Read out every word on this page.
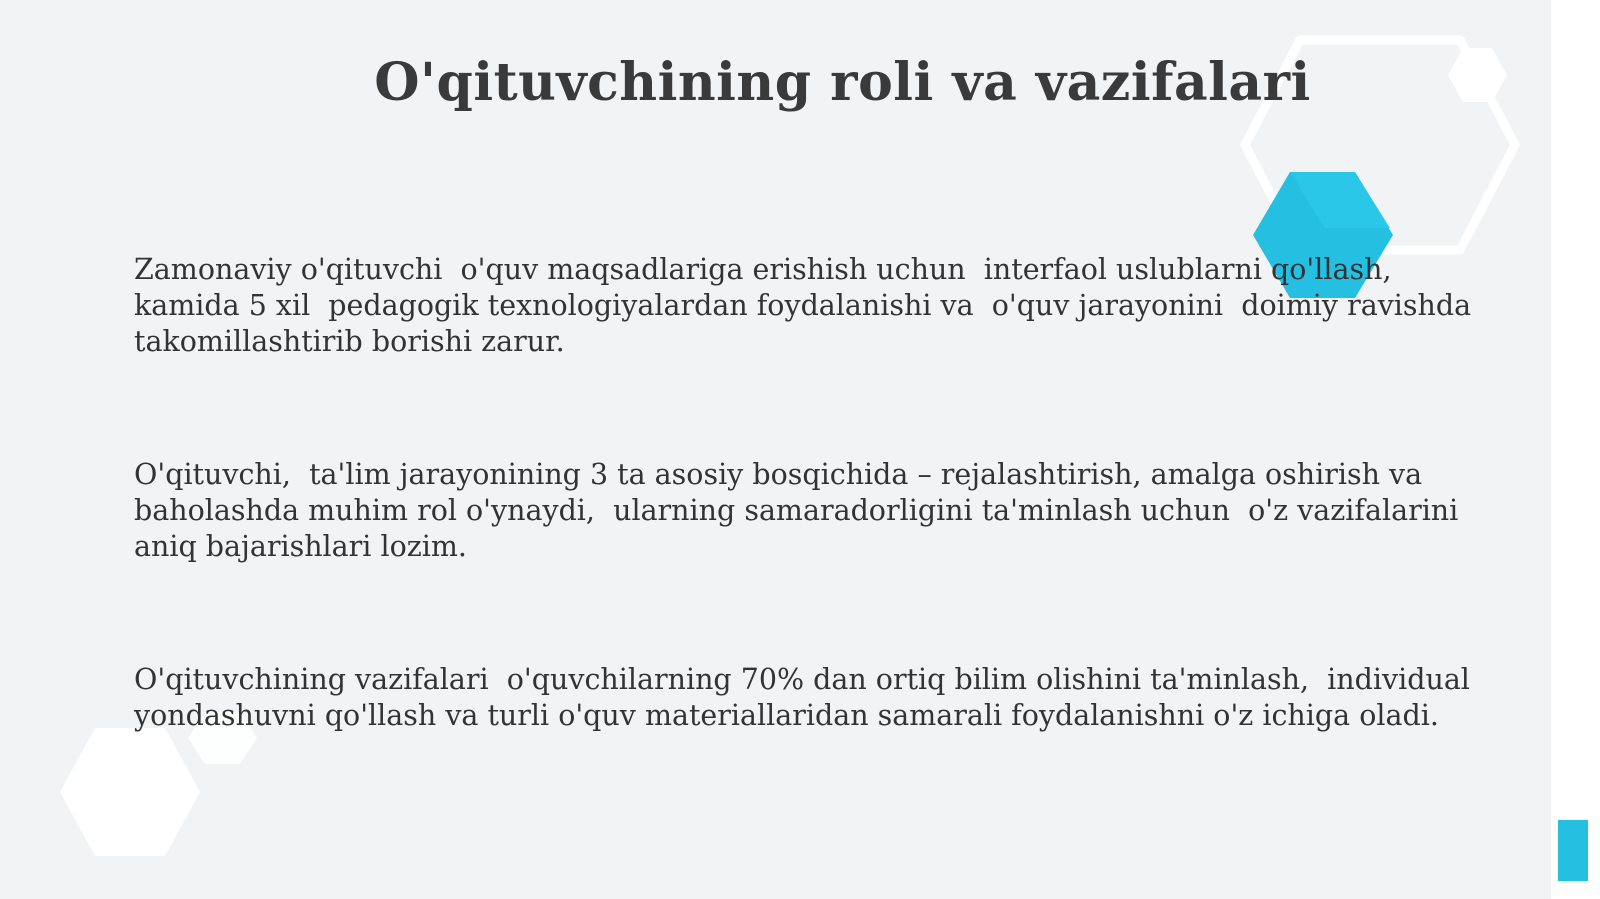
O'qituvchining roli va vazifalari

Zamonaviy o'qituvchi  o'quv maqsadlariga erishish uchun  interfaol uslublarni qo'llash,
kamida 5 xil  pedagogik texnologiyalardan foydalanishi va  o'quv jarayonini  doimiy ravishda
takomillashtirib borishi zarur.

O'qituvchi,  ta'lim jarayonining 3 ta asosiy bosqichida – rejalashtirish, amalga oshirish va
baholashda muhim rol o'ynaydi,  ularning samaradorligini ta'minlash uchun  o'z vazifalarini
aniq bajarishlari lozim.

O'qituvchining vazifalari  o'quvchilarning 70% dan ortiq bilim olishini ta'minlash,  individual
yondashuvni qo'llash va turli o'quv materiallaridan samarali foydalanishni o'z ichiga oladi.
